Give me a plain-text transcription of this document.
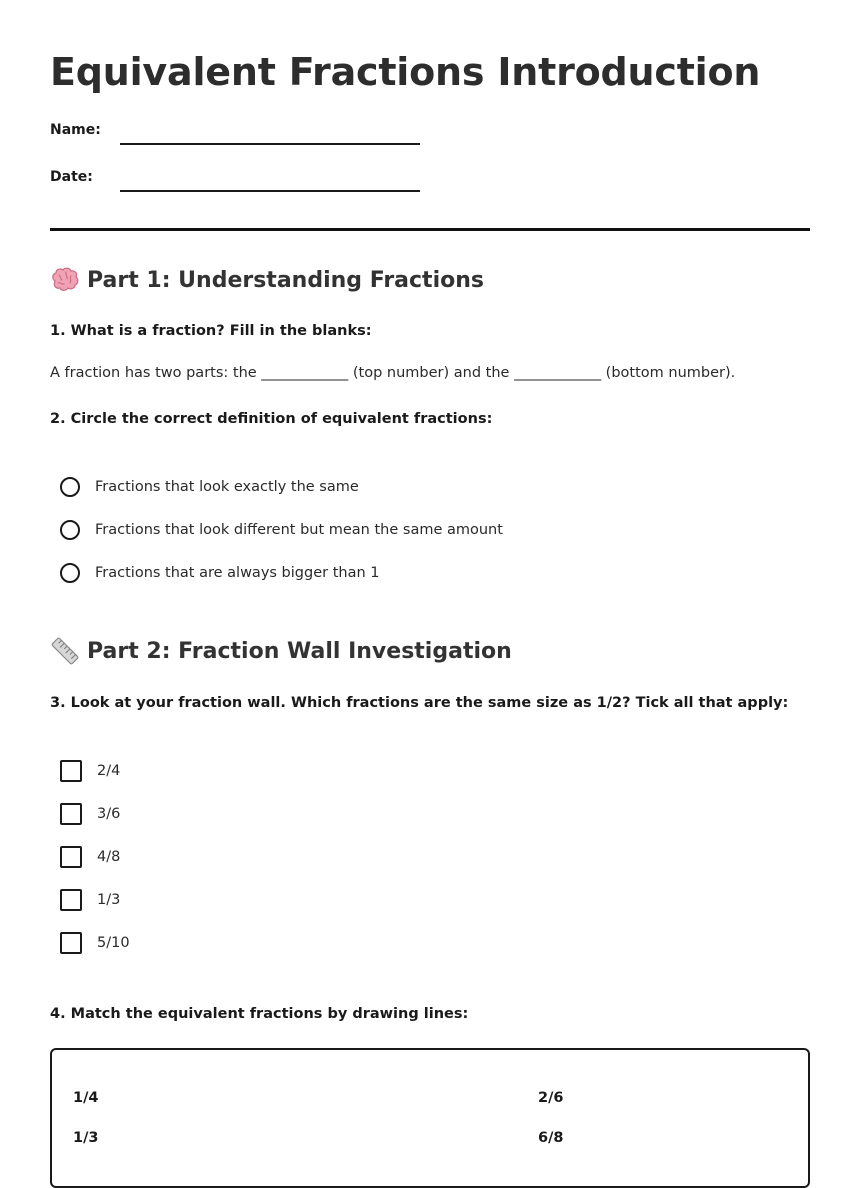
Equivalent Fractions Introduction
Name:
Date:
Part 1: Understanding Fractions
1. What is a fraction? Fill in the blanks:
A fraction has two parts: the ____________ (top number) and the ____________ (bottom number).
2. Circle the correct definition of equivalent fractions:
Fractions that look exactly the same
Fractions that look different but mean the same amount
Fractions that are always bigger than 1
Part 2: Fraction Wall Investigation
3. Look at your fraction wall. Which fractions are the same size as 1/2? Tick all that apply:
2/4
3/6
4/8
1/3
5/10
4. Match the equivalent fractions by drawing lines:
1/4
1/3
2/6
6/8
